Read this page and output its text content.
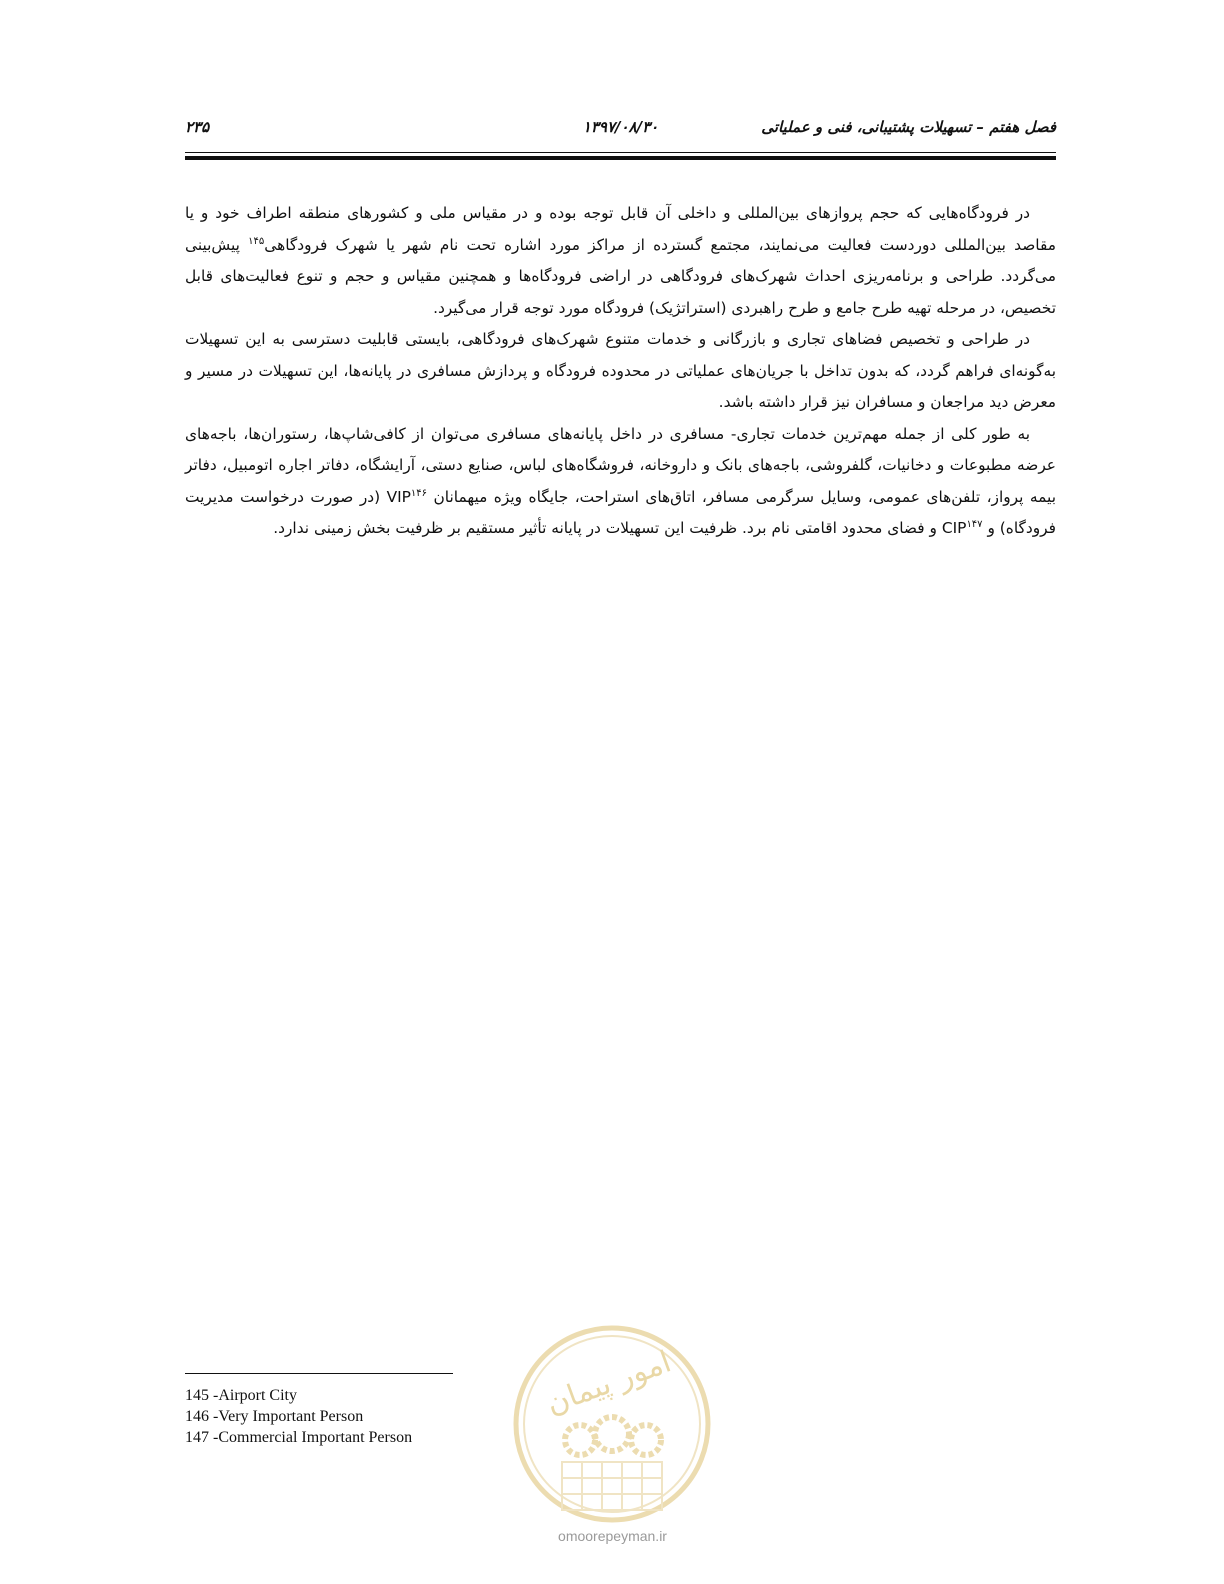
فصل هفتم – تسهیلات پشتیبانی، فنی و عملیاتی
۱۳۹۷/۰۸/۳۰
۲۳۵

در فرودگاه‌هایی که حجم پروازهای بین‌المللی و داخلی آن قابل توجه بوده و در مقیاس ملی و کشورهای منطقه اطراف خود و یا مقاصد بین‌المللی دوردست فعالیت می‌نمایند، مجتمع گسترده از مراکز مورد اشاره تحت نام شهر یا شهرک فرودگاهی$^{۱۴۵}$ پیش‌بینی می‌گردد. طراحی و برنامه‌ریزی احداث شهرک‌های فرودگاهی در اراضی فرودگاه‌ها و همچنین مقیاس و حجم و تنوع فعالیت‌های قابل تخصیص، در مرحله تهیه طرح جامع و طرح راهبردی (استراتژیک) فرودگاه مورد توجه قرار می‌گیرد.

در طراحی و تخصیص فضاهای تجاری و بازرگانی و خدمات متنوع شهرک‌های فرودگاهی، بایستی قابلیت دسترسی به این تسهیلات به‌گونه‌ای فراهم گردد، که بدون تداخل با جریان‌های عملیاتی در محدوده فرودگاه و پردازش مسافری در پایانه‌ها، این تسهیلات در مسیر و معرض دید مراجعان و مسافران نیز قرار داشته باشد.

به طور کلی از جمله مهم‌ترین خدمات تجاری- مسافری در داخل پایانه‌های مسافری می‌توان از کافی‌شاپ‌ها، رستوران‌ها، باجه‌های عرضه مطبوعات و دخانیات، گلفروشی، باجه‌های بانک و داروخانه، فروشگاه‌های لباس، صنایع دستی، آرایشگاه، دفاتر اجاره اتومبیل، دفاتر بیمه پرواز، تلفن‌های عمومی، وسایل سرگرمی مسافر، اتاق‌های استراحت، جایگاه ویژه میهمانان VIP$^{۱۴۶}$ (در صورت درخواست مدیریت فرودگاه) و CIP$^{۱۴۷}$ و فضای محدود اقامتی نام برد. ظرفیت این تسهیلات در پایانه تأثیر مستقیم بر ظرفیت بخش زمینی ندارد.

145 -Airport City
146 -Very Important Person
147 -Commercial Important Person
امور پیمان
omoorepeyman.ir
